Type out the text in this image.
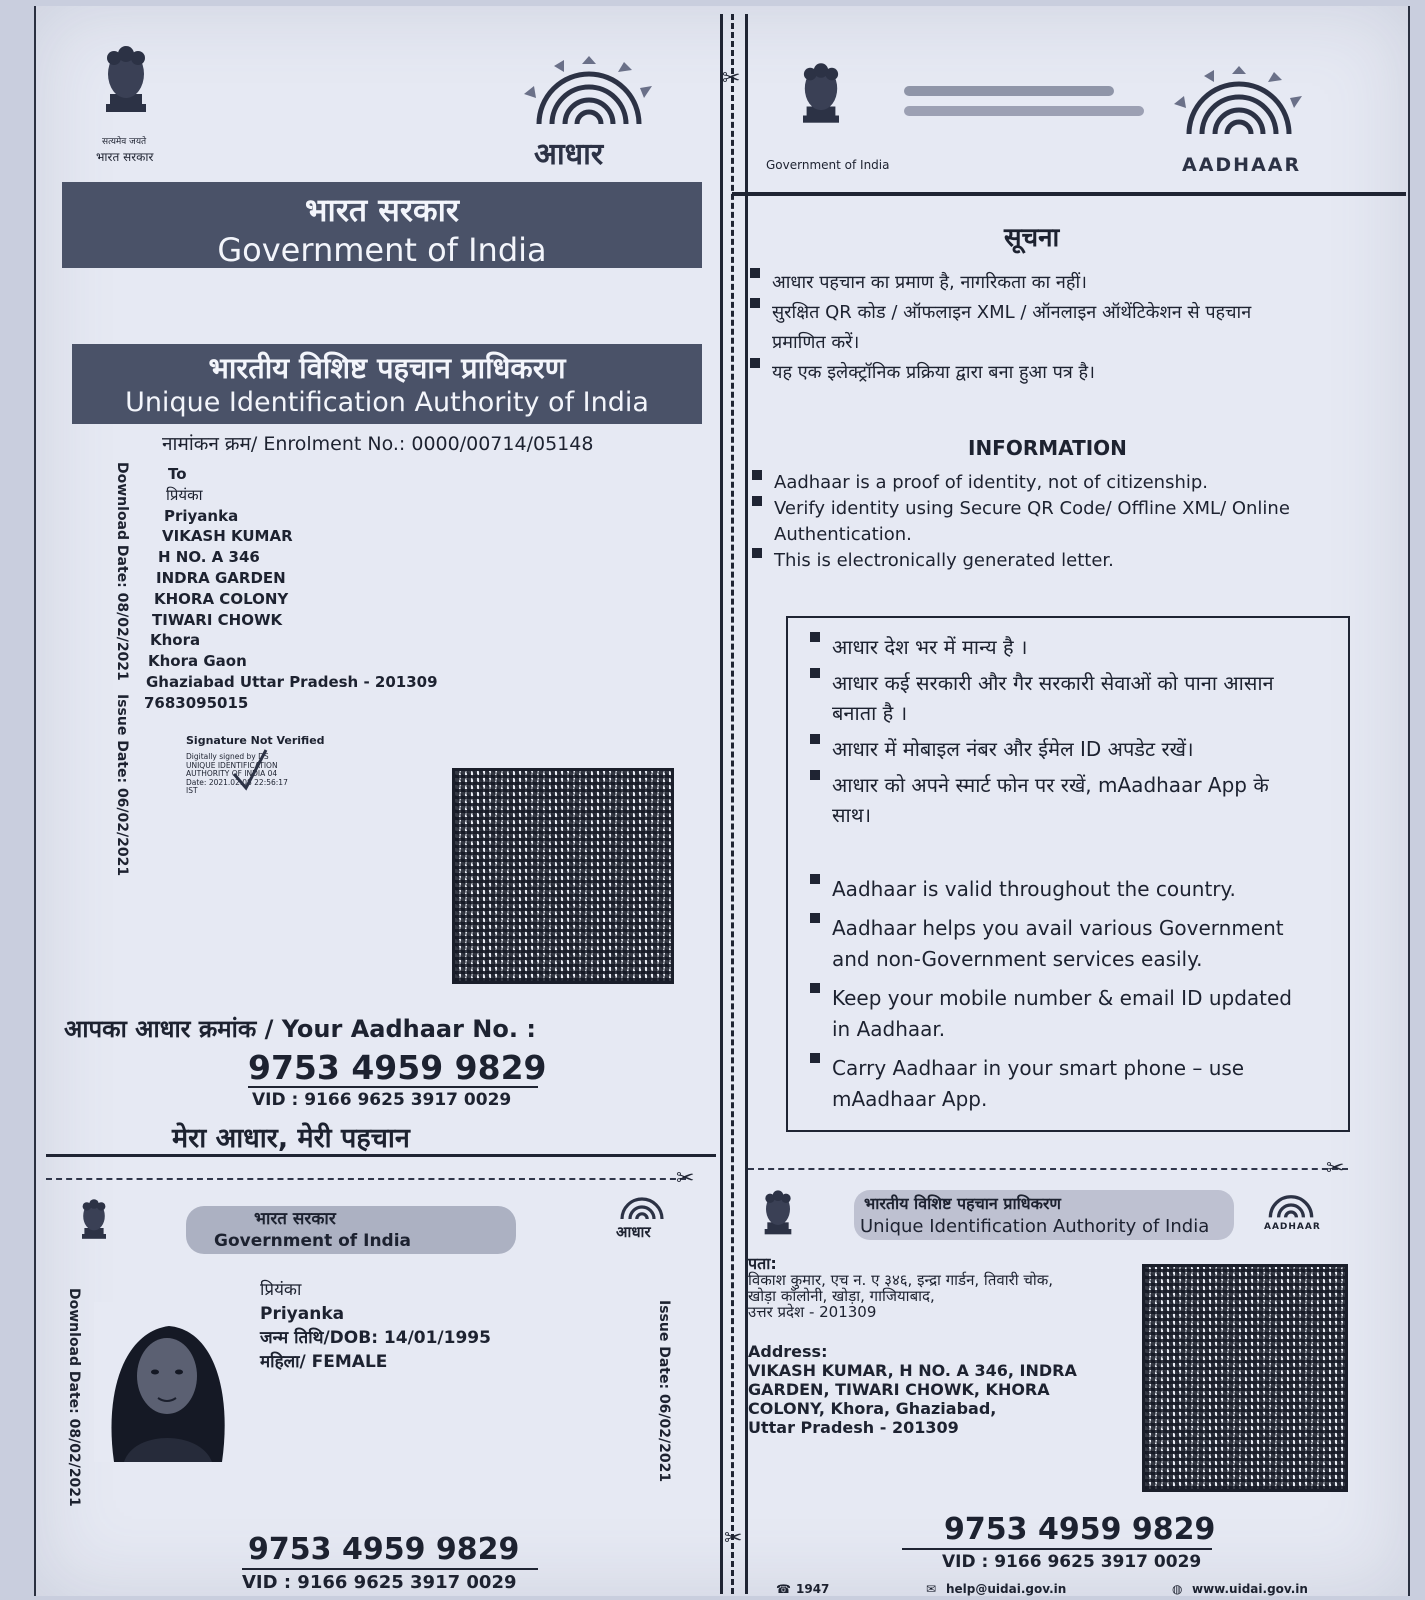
✂
✂
सत्यमेव जयते
भारत सरकार	आधार
भारत सरकार
Government of India
भारतीय विशिष्ट पहचान प्राधिकरण
Unique Identification Authority of India
नामांकन क्रम/ Enrolment No.: 0000/00714/05148
Download Date: 08/02/2021
Issue Date: 06/02/2021
To
प्रियंका
Priyanka
VIKASH KUMAR
H NO. A 346
INDRA GARDEN
KHORA COLONY
TIWARI CHOWK
Khora
Khora Gaon
Ghaziabad Uttar Pradesh - 201309
7683095015
Signature Not Verified
Digitally signed by DS
UNIQUE IDENTIFICATION
AUTHORITY OF INDIA 04
Date: 2021.02.08 22:56:17
IST
आपका आधार क्रमांक / Your Aadhaar No. :
9753 4959 9829
VID : 9166 9625 3917 0029
मेरा आधार, मेरी पहचान
✂
Government of India	AADHAAR
सूचना
आधार पहचान का प्रमाण है, नागरिकता का नहीं।
सुरक्षित QR कोड / ऑफलाइन XML / ऑनलाइन ऑथेंटिकेशन से पहचान प्रमाणित करें।
यह एक इलेक्ट्रॉनिक प्रक्रिया द्वारा बना हुआ पत्र है।
INFORMATION
Aadhaar is a proof of identity, not of citizenship.
Verify identity using Secure QR Code/ Offline XML/ Online Authentication.
This is electronically generated letter.
आधार देश भर में मान्य है ।
आधार कई सरकारी और गैर सरकारी सेवाओं को पाना आसान बनाता है ।
आधार में मोबाइल नंबर और ईमेल ID अपडेट रखें।
आधार को अपने स्मार्ट फोन पर रखें, mAadhaar App के साथ।
Aadhaar is valid throughout the country.
Aadhaar helps you avail various Government and non-Government services easily.
Keep your mobile number & email ID updated in Aadhaar.
Carry Aadhaar in your smart phone – use mAadhaar App.
✂
भारत सरकार
Government of India	आधार
Download Date: 08/02/2021	Issue Date: 06/02/2021
प्रियंका
Priyanka
जन्म तिथि/DOB: 14/01/1995
महिला/ FEMALE
9753 4959 9829
VID : 9166 9625 3917 0029
भारतीय विशिष्ट पहचान प्राधिकरण
Unique Identification Authority of India	AADHAAR
पता:
विकाश कुमार, एच न. ए ३४६, इन्द्रा गार्डन, तिवारी चोक,
खोड़ा कॉलोनी, खोड़ा, गाजियाबाद,
उत्तर प्रदेश - 201309
Address:
VIKASH KUMAR, H NO. A 346, INDRA
GARDEN, TIWARI CHOWK, KHORA
COLONY, Khora, Ghaziabad,
Uttar Pradesh - 201309
9753 4959 9829
VID : 9166 9625 3917 0029
☎ 1947	✉ help@uidai.gov.in	◍ www.uidai.gov.in
